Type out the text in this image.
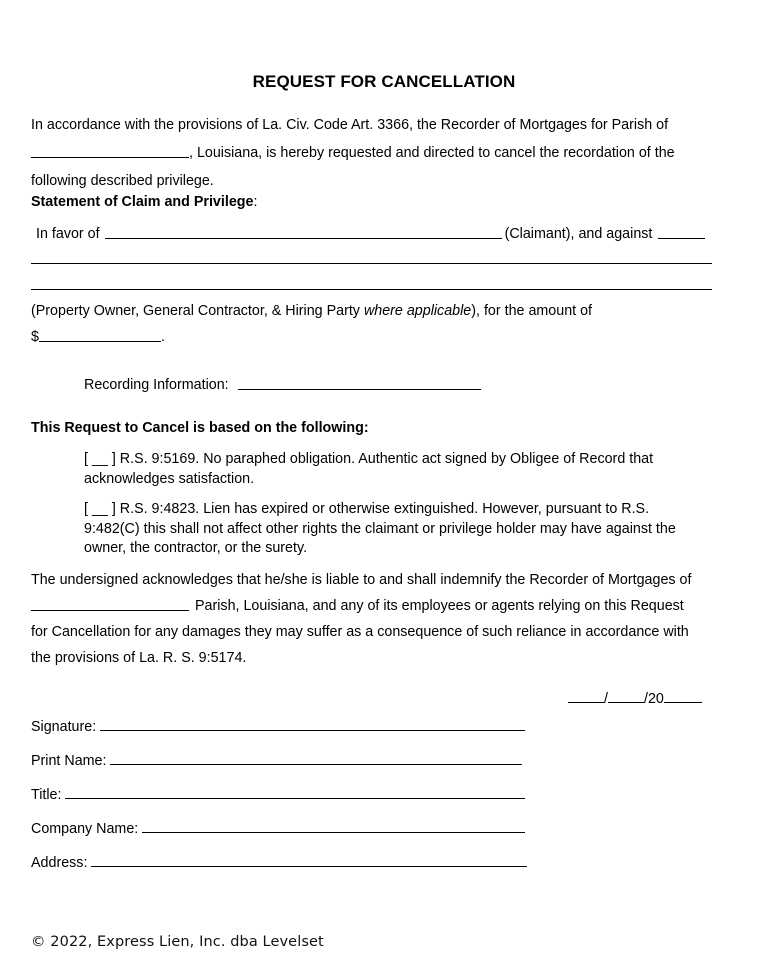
REQUEST FOR CANCELLATION
In accordance with the provisions of La. Civ. Code Art. 3366, the Recorder of Mortgages for Parish of
, Louisiana, is hereby requested and directed to cancel the recordation of the
following described privilege.
Statement of Claim and Privilege:
In favor of	(Claimant), and against
(Property Owner, General Contractor, & Hiring Party where applicable), for the amount of
$	.
Recording Information:
This Request to Cancel is based on the following:
[ __ ] R.S. 9:5169. No paraphed obligation. Authentic act signed by Obligee of Record that acknowledges satisfaction.
[ __ ] R.S. 9:4823. Lien has expired or otherwise extinguished. However, pursuant to R.S. 9:482(C) this shall not affect other rights the claimant or privilege holder may have against the owner, the contractor, or the surety.
The undersigned acknowledges that he/she is liable to and shall indemnify the Recorder of Mortgages of
Parish, Louisiana, and any of its employees or agents relying on this Request
for Cancellation for any damages they may suffer as a consequence of such reliance in accordance with
the provisions of La. R. S. 9:5174.
/	/20
Signature:
Print Name:
Title:
Company Name:
Address:
© 2022, Express Lien, Inc. dba Levelset
